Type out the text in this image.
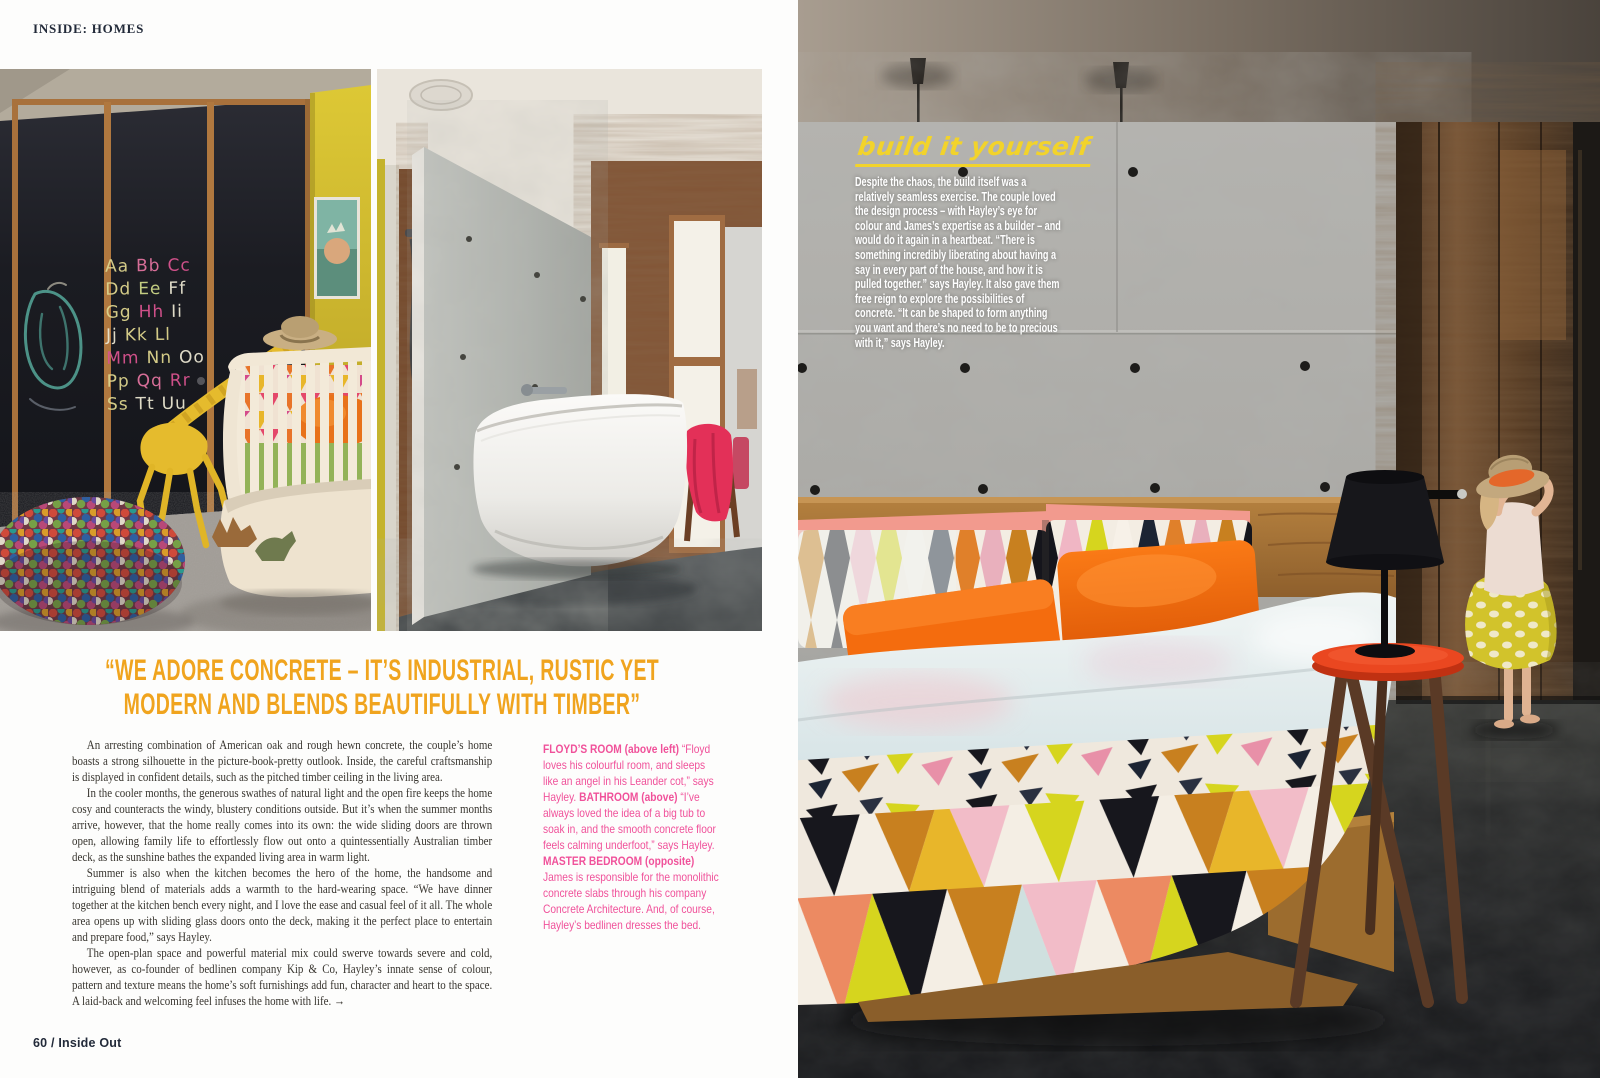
INSIDE: HOMES
Aa Bb Cc
Dd Ee Ff
Gg Hh Ii
Jj Kk Ll
Mm Nn Oo
Pp Qq Rr
Ss Tt Uu
“WE ADORE CONCRETE – IT’S INDUSTRIAL, RUSTIC YET
MODERN AND BLENDS BEAUTIFULLY WITH TIMBER”

An arresting combination of American oak and rough hewn concrete, the couple’s home boasts a strong silhouette in the picture-book-pretty outlook. Inside, the careful craftsmanship is displayed in confident details, such as the pitched timber ceiling in the living area.

In the cooler months, the generous swathes of natural light and the open fire keeps the home cosy and counteracts the windy, blustery conditions outside. But it’s when the summer months arrive, however, that the home really comes into its own: the wide sliding doors are thrown open, allowing family life to effortlessly flow out onto a quintessentially Australian timber deck, as the sunshine bathes the expanded living area in warm light.

Summer is also when the kitchen becomes the hero of the home, the handsome and intriguing blend of materials adds a warmth to the hard-wearing space. “We have dinner together at the kitchen bench every night, and I love the ease and casual feel of it all. The whole area opens up with sliding glass doors onto the deck, making it the perfect place to entertain and prepare food,” says Hayley.

The open-plan space and powerful material mix could swerve towards severe and cold, however, as co-founder of bedlinen company Kip & Co, Hayley’s innate sense of colour, pattern and texture means the home’s soft furnishings add fun, character and heart to the space. A laid-back and welcoming feel infuses the home with life. →

FLOYD’S ROOM (above left) “Floyd loves his colourful room, and sleeps like an angel in his Leander cot,” says Hayley. BATHROOM (above) “I’ve always loved the idea of a big tub to soak in, and the smooth concrete floor feels calming underfoot,” says Hayley. MASTER BEDROOM (opposite) James is responsible for the monolithic concrete slabs through his company Concrete Architecture. And, of course, Hayley’s bedlinen dresses the bed.
60 / Inside Out
build it yourself

Despite the chaos, the build itself was a relatively seamless exercise. The couple loved the design process – with Hayley’s eye for colour and James’s expertise as a builder – and would do it again in a heartbeat. “There is something incredibly liberating about having a say in every part of the house, and how it is pulled together.” says Hayley. It also gave them free reign to explore the possibilities of concrete. “It can be shaped to form anything you want and there’s no need to be to precious with it,” says Hayley.
